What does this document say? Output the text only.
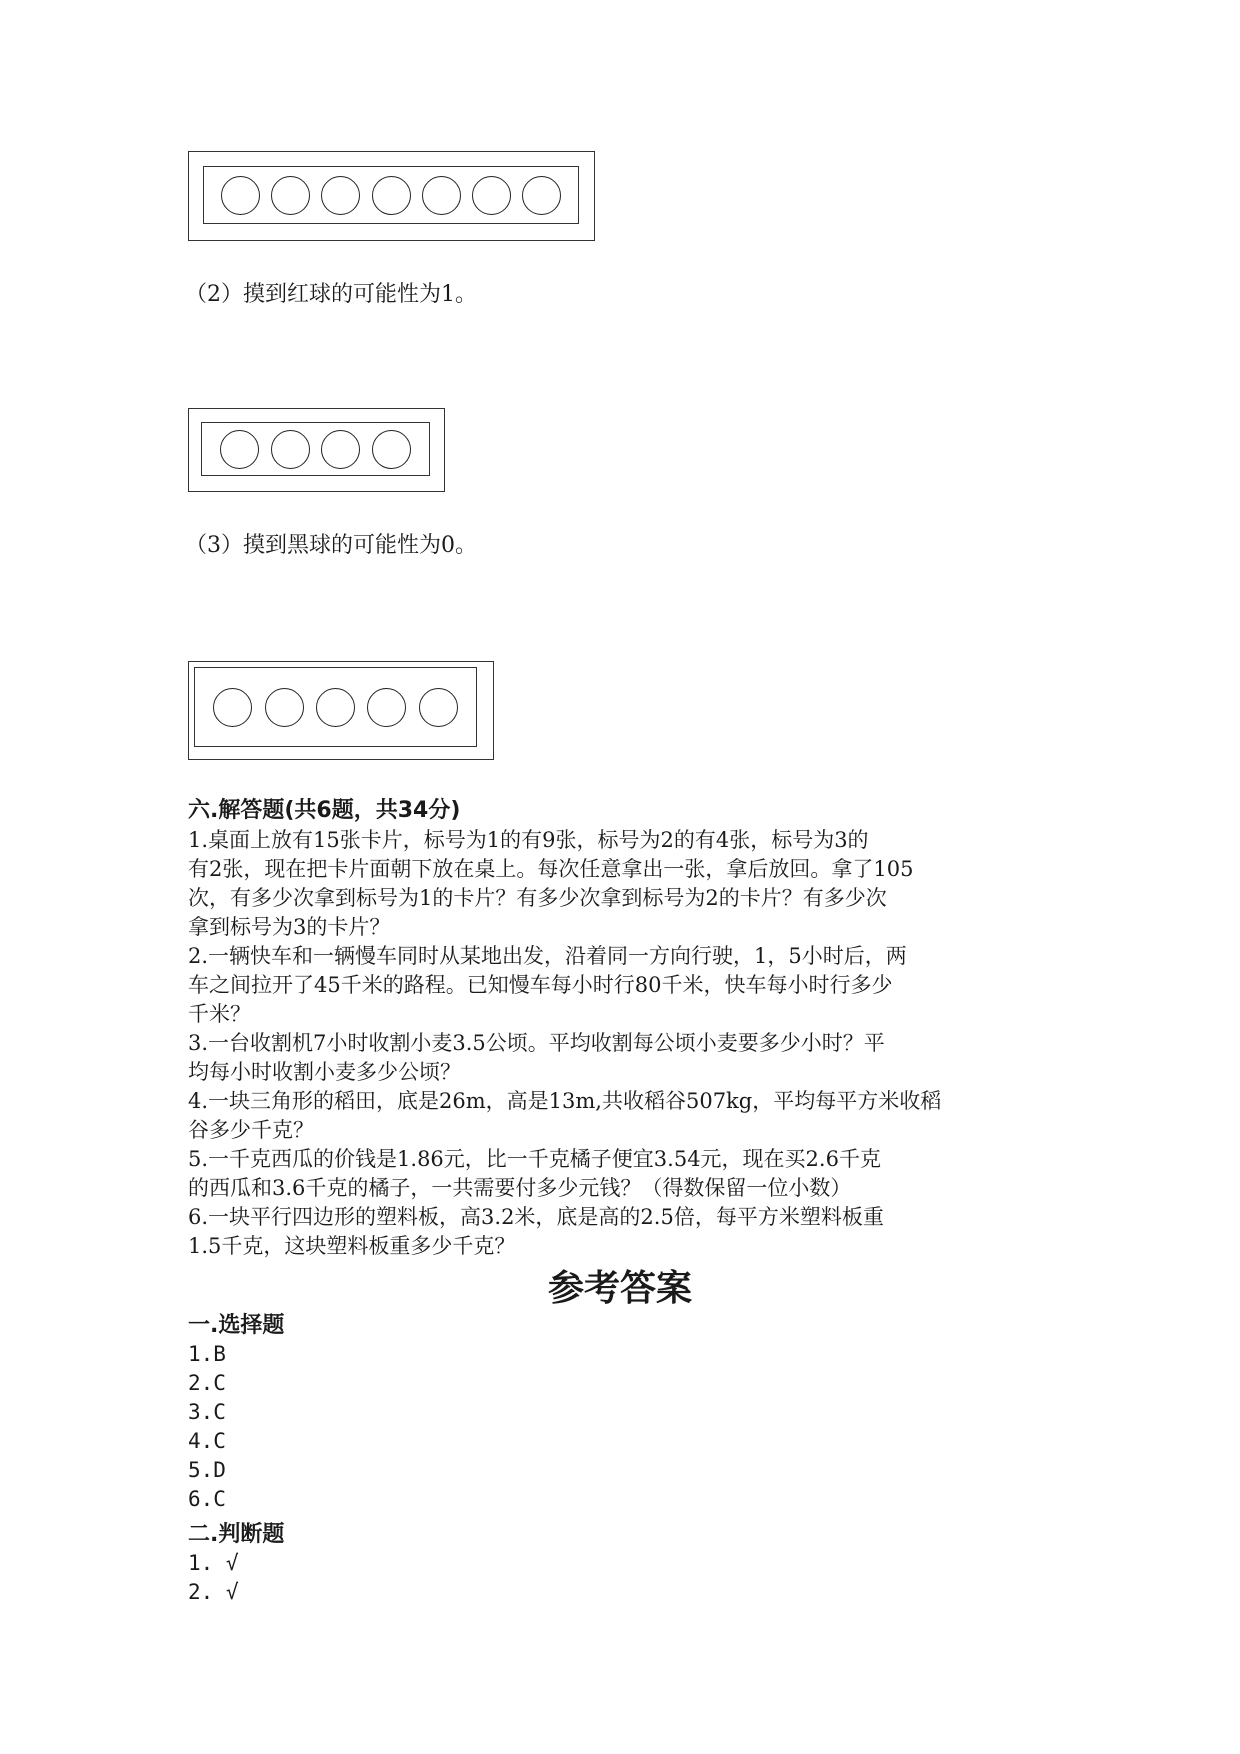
（2）摸到红球的可能性为1。
（3）摸到黑球的可能性为0。
六.解答题(共6题，共34分)
1.桌面上放有15张卡片，标号为1的有9张，标号为2的有4张，标号为3的
有2张，现在把卡片面朝下放在桌上。每次任意拿出一张，拿后放回。拿了105
次，有多少次拿到标号为1的卡片？有多少次拿到标号为2的卡片？有多少次
拿到标号为3的卡片？
2.一辆快车和一辆慢车同时从某地出发，沿着同一方向行驶，1，5小时后，两
车之间拉开了45千米的路程。已知慢车每小时行80千米，快车每小时行多少
千米？
3.一台收割机7小时收割小麦3.5公顷。平均收割每公顷小麦要多少小时？平
均每小时收割小麦多少公顷？
4.一块三角形的稻田，底是26m，高是13m,共收稻谷507kg，平均每平方米收稻
谷多少千克？
5.一千克西瓜的价钱是1.86元，比一千克橘子便宜3.54元，现在买2.6千克
的西瓜和3.6千克的橘子，一共需要付多少元钱？（得数保留一位小数）
6.一块平行四边形的塑料板，高3.2米，底是高的2.5倍，每平方米塑料板重
1.5千克，这块塑料板重多少千克？
参考答案
一.选择题
1.B
2.C
3.C
4.C
5.D
6.C
二.判断题
1. √
2. √
